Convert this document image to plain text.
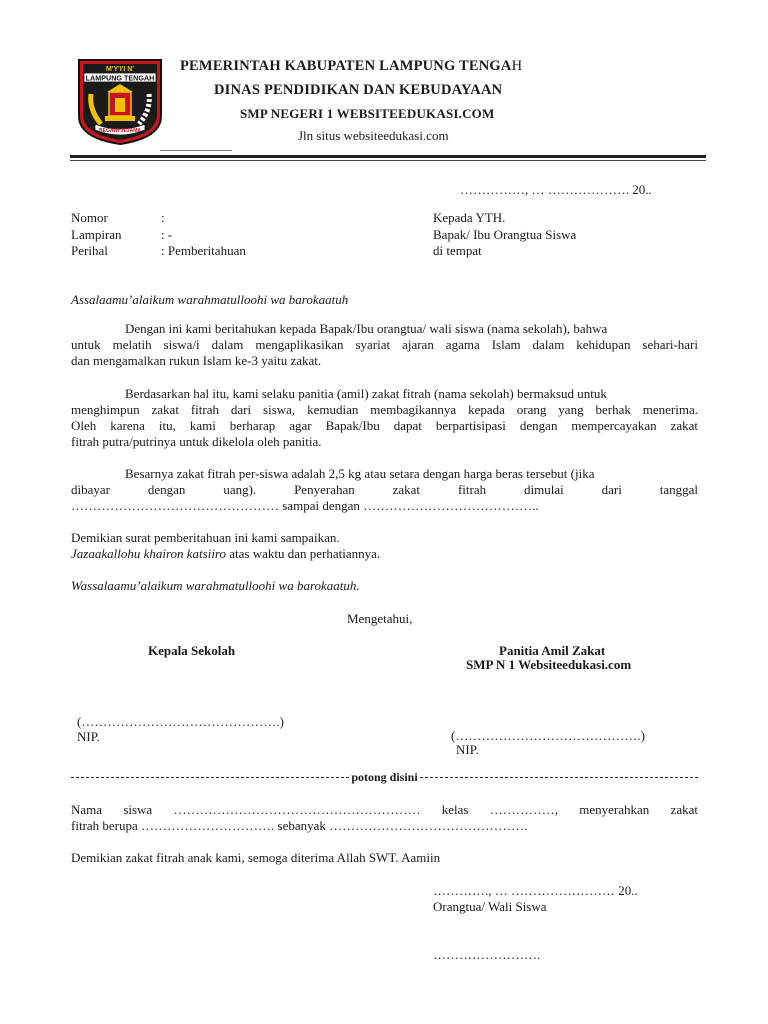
M'Y'I'I N'
LAMPUNG TENGAH
BEGAWI JEJAMA
PEMERINTAH KABUPATEN LAMPUNG TENGAH
DINAS PENDIDIKAN DAN KEBUDAYAAN
SMP NEGERI 1 WEBSITEEDUKASI.COM
Jln situs websiteedukasi.com
……………, … ………………. 20..
Nomor	:
Lampiran	: -
Perihal	: Pemberitahuan
Kepada YTH.
Bapak/ Ibu Orangtua Siswa
di tempat
Assalaamu’alaikum warahmatullοohi wa barokaatuh
Dengan ini kami beritahukan kepada Bapak/Ibu orangtua/ wali siswa (nama sekolah), bahwa
untuk melatih siswa/i dalam mengaplikasikan syariat ajaran agama Islam dalam kehidupan sehari-hari
dan mengamalkan rukun Islam ke-3 yaitu zakat.
Berdasarkan hal itu, kami selaku panitia (amil) zakat fitrah (nama sekolah) bermaksud untuk
menghimpun zakat fitrah dari siswa, kemudian membagikannya kepada orang yang berhak menerima.
Oleh karena itu, kami berharap agar Bapak/Ibu dapat berpartisipasi dengan mempercayakan zakat
fitrah putra/putrinya untuk dikelola oleh panitia.
Besarnya zakat fitrah per-siswa adalah 2,5 kg atau setara dengan harga beras tersebut (jika
dibayar dengan uang). Penyerahan zakat fitrah dimulai dari tanggal
………………………………………… sampai dengan …………………………………..
Demikian surat pemberitahuan ini kami sampaikan.
Jazaakallohu khairon katsiiro atas waktu dan perhatiannya.
Wassalaamu’alaikum warahmatullοohi wa barokaatuh.
Mengetahui,
Kepala Sekolah	Panitia Amil Zakat
SMP N 1 Websiteedukasi.com
(……………………………………….)
NIP.	(…………………………………….)
NIP.
potong disini
Nama siswa ………………………………………………… kelas ……………, menyerahkan zakat
fitrah berupa …………………………. sebanyak ……………………………………….
Demikian zakat fitrah anak kami, semoga diterima Allah SWT. Aamiin
…………., … …………………… 20..
Orangtua/ Wali Siswa
…………………….
